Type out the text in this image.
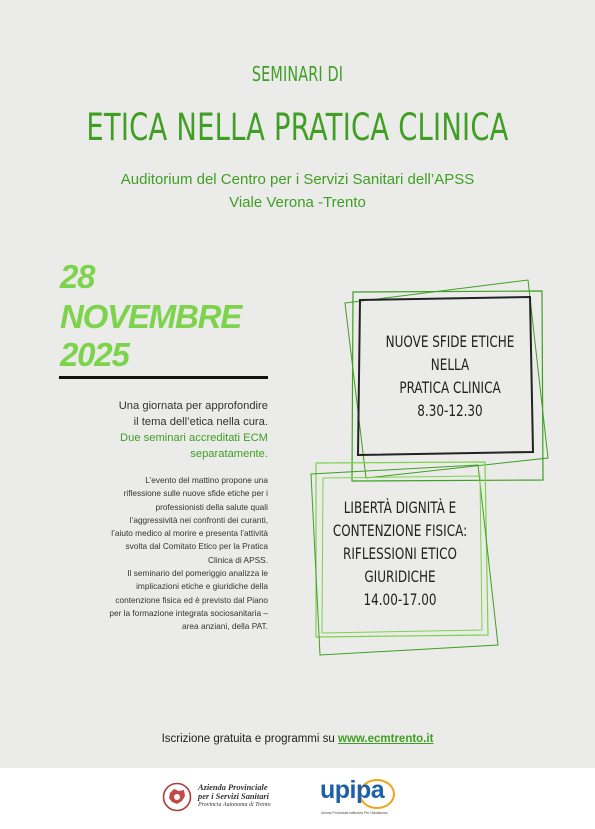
SEMINARI DI
ETICA NELLA PRATICA CLINICA
Auditorium del Centro per i Servizi Sanitari dell’APSS
Viale Verona -Trento
28
NOVEMBRE
2025
Una giornata per approfondire
il tema dell’etica nella cura.
Due seminari accreditati ECM
separatamente.
L’evento del mattino propone una
riflessione sulle nuove sfide etiche per i
professionisti della salute quali
l’aggressività nei confronti dei curanti,
l’aiuto medico al morire e presenta l’attività
svolta dal Comitato Etico per la Pratica
Clinica di APSS.
Il seminario del pomeriggio analizza le
implicazioni etiche e giuridiche della
contenzione fisica ed è previsto dal Piano
per la formazione integrata sociosanitaria –
area anziani, della PAT.
NUOVE SFIDE ETICHE
NELLA
PRATICA CLINICA
8.30-12.30
LIBERTÀ DIGNITÀ E
CONTENZIONE FISICA:
RIFLESSIONI ETICO
GIURIDICHE
14.00-17.00
Iscrizione gratuita e programmi su www.ecmtrento.it
Azienda Provinciale
per i Servizi Sanitari
Provincia Autonoma di Trento
upipa
Unione Provinciale Istituzioni Per l'Assistenza
